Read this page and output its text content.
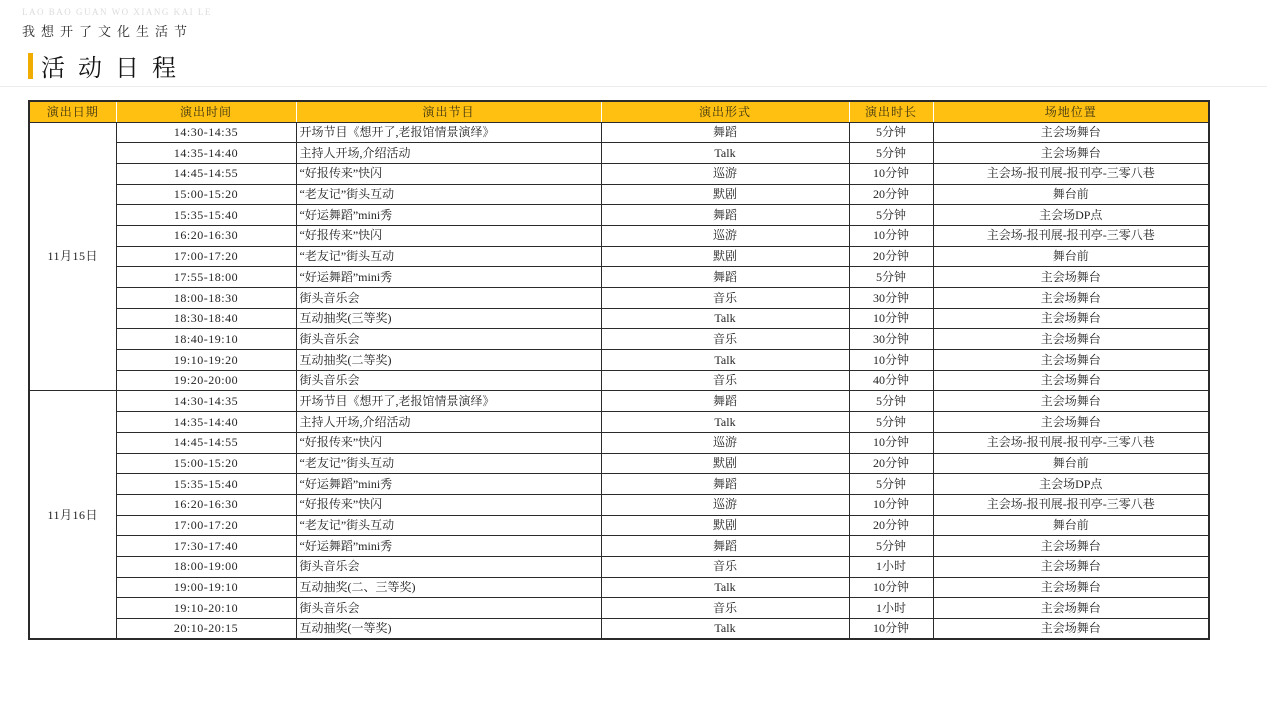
LAO BAO GUAN WO XIANG KAI LE
我想开了文化生活节
活动日程
演出日期	演出时间	演出节目	演出形式	演出时长	场地位置
11月15日	14:30-14:35	开场节目《想开了,老报馆情景演绎》	舞蹈	5分钟	主会场舞台
	14:35-14:40	主持人开场,介绍活动	Talk	5分钟	主会场舞台
	14:45-14:55	“好报传来”快闪	巡游	10分钟	主会场-报刊展-报刊亭-三零八巷
	15:00-15:20	“老友记”街头互动	默剧	20分钟	舞台前
	15:35-15:40	“好运舞蹈”mini秀	舞蹈	5分钟	主会场DP点
	16:20-16:30	“好报传来”快闪	巡游	10分钟	主会场-报刊展-报刊亭-三零八巷
	17:00-17:20	“老友记”街头互动	默剧	20分钟	舞台前
	17:55-18:00	“好运舞蹈”mini秀	舞蹈	5分钟	主会场舞台
	18:00-18:30	街头音乐会	音乐	30分钟	主会场舞台
	18:30-18:40	互动抽奖(三等奖)	Talk	10分钟	主会场舞台
	18:40-19:10	街头音乐会	音乐	30分钟	主会场舞台
	19:10-19:20	互动抽奖(二等奖)	Talk	10分钟	主会场舞台
	19:20-20:00	街头音乐会	音乐	40分钟	主会场舞台
11月16日	14:30-14:35	开场节目《想开了,老报馆情景演绎》	舞蹈	5分钟	主会场舞台
	14:35-14:40	主持人开场,介绍活动	Talk	5分钟	主会场舞台
	14:45-14:55	“好报传来”快闪	巡游	10分钟	主会场-报刊展-报刊亭-三零八巷
	15:00-15:20	“老友记”街头互动	默剧	20分钟	舞台前
	15:35-15:40	“好运舞蹈”mini秀	舞蹈	5分钟	主会场DP点
	16:20-16:30	“好报传来”快闪	巡游	10分钟	主会场-报刊展-报刊亭-三零八巷
	17:00-17:20	“老友记”街头互动	默剧	20分钟	舞台前
	17:30-17:40	“好运舞蹈”mini秀	舞蹈	5分钟	主会场舞台
	18:00-19:00	街头音乐会	音乐	1小时	主会场舞台
	19:00-19:10	互动抽奖(二、三等奖)	Talk	10分钟	主会场舞台
	19:10-20:10	街头音乐会	音乐	1小时	主会场舞台
	20:10-20:15	互动抽奖(一等奖)	Talk	10分钟	主会场舞台
